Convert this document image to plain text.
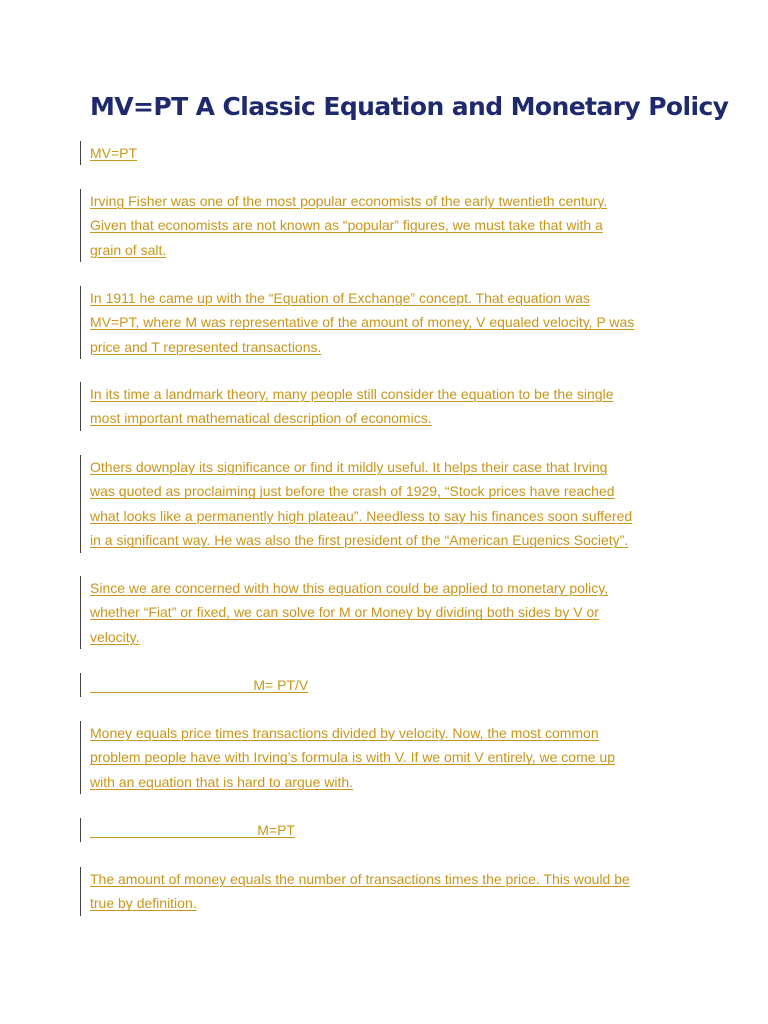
MV=PT A Classic Equation and Monetary Policy

MV=PT

Irving Fisher was one of the most popular economists of the early twentieth century.

Given that economists are not known as “popular” figures, we must take that with a

grain of salt.

In 1911 he came up with the “Equation of Exchange” concept. That equation was

MV=PT, where M was representative of the amount of money, V equaled velocity, P was

price and T represented transactions.

In its time a landmark theory, many people still consider the equation to be the single

most important mathematical description of economics.

Others downplay its significance or find it mildly useful. It helps their case that Irving

was quoted as proclaiming just before the crash of 1929, “Stock prices have reached

what looks like a permanently high plateau”. Needless to say his finances soon suffered

in a significant way. He was also the first president of the “American Eugenics Society”.

Since we are concerned with how this equation could be applied to monetary policy,

whether “Fiat” or fixed, we can solve for M or Money by dividing both sides by V or

velocity.

M= PT/V

Money equals price times transactions divided by velocity. Now, the most common

problem people have with Irving’s formula is with V. If we omit V entirely, we come up

with an equation that is hard to argue with.

M=PT

The amount of money equals the number of transactions times the price. This would be

true by definition.
